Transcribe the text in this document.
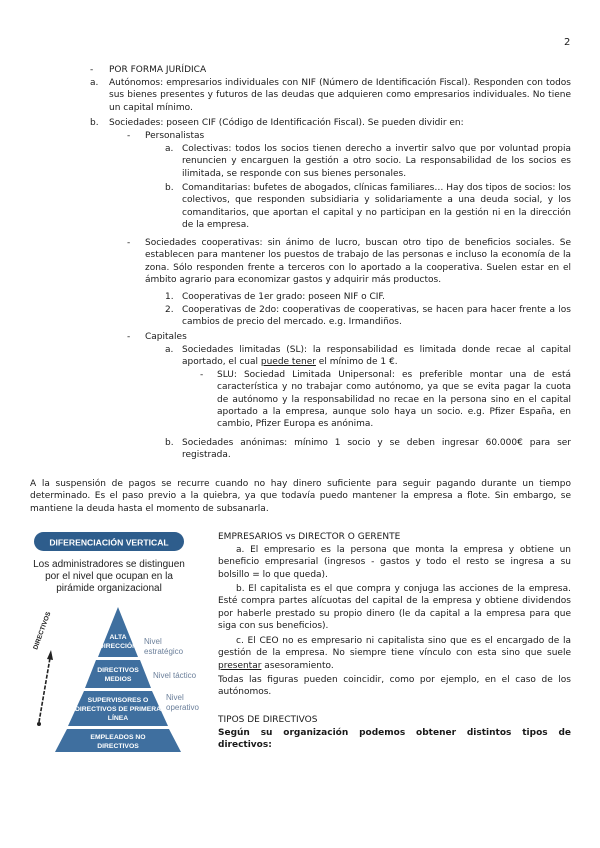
2
- POR FORMA JURÍDICA
a. Autónomos: empresarios individuales con NIF (Número de Identificación Fiscal). Responden con todos sus bienes presentes y futuros de las deudas que adquieren como empresarios individuales. No tiene un capital mínimo.
b. Sociedades: poseen CIF (Código de Identificación Fiscal). Se pueden dividir en:
- Personalistas
a. Colectivas: todos los socios tienen derecho a invertir salvo que por voluntad propia renuncien y encarguen la gestión a otro socio. La responsabilidad de los socios es ilimitada, se responde con sus bienes personales.
b. Comanditarias: bufetes de abogados, clínicas familiares… Hay dos tipos de socios: los colectivos, que responden subsidiaria y solidariamente a una deuda social, y los comanditarios, que aportan el capital y no participan en la gestión ni en la dirección de la empresa.
- Sociedades cooperativas: sin ánimo de lucro, buscan otro tipo de beneficios sociales. Se establecen para mantener los puestos de trabajo de las personas e incluso la economía de la zona. Sólo responden frente a terceros con lo aportado a la cooperativa. Suelen estar en el ámbito agrario para economizar gastos y adquirir más productos.
1. Cooperativas de 1er grado: poseen NIF o CIF.
2. Cooperativas de 2do: cooperativas de cooperativas, se hacen para hacer frente a los cambios de precio del mercado. e.g. Irmandiños.
- Capitales
a. Sociedades limitadas (SL): la responsabilidad es limitada donde recae al capital aportado, el cual puede tener el mínimo de 1 €.
- SLU: Sociedad Limitada Unipersonal: es preferible montar una de está característica y no trabajar como autónomo, ya que se evita pagar la cuota de autónomo y la responsabilidad no recae en la persona sino en el capital aportado a la empresa, aunque solo haya un socio. e.g. Pfizer España, en cambio, Pfizer Europa es anónima.
b. Sociedades anónimas: mínimo 1 socio y se deben ingresar 60.000€ para ser registrada.
A la suspensión de pagos se recurre cuando no hay dinero suficiente para seguir pagando durante un tiempo determinado. Es el paso previo a la quiebra, ya que todavía puedo mantener la empresa a flote. Sin embargo, se mantiene la deuda hasta el momento de subsanarla.
DIFERENCIACIÓN VERTICAL
Los administradores se distinguen
por el nivel que ocupan en la
pirámide organizacional
ALTA
DIRECCIÓN
DIRECTIVOS
MEDIOS
SUPERVISORES O
DIRECTIVOS DE PRIMERA
LÍNEA
EMPLEADOS NO
DIRECTIVOS
Nivel
estratégico
Nivel táctico
Nivel
operativo
DIRECTIVOS
EMPRESARIOS vs DIRECTOR O GERENTE
a. El empresario es la persona que monta la empresa y obtiene un beneficio empresarial (ingresos - gastos y todo el resto se ingresa a su bolsillo = lo que queda).
b. El capitalista es el que compra y conjuga las acciones de la empresa. Esté compra partes alícuotas del capital de la empresa y obtiene dividendos por haberle prestado su propio dinero (le da capital a la empresa para que siga con sus beneficios).
c. El CEO no es empresario ni capitalista sino que es el encargado de la gestión de la empresa. No siempre tiene vínculo con esta sino que suele presentar asesoramiento.
Todas las figuras pueden coincidir, como por ejemplo, en el caso de los autónomos.
TIPOS DE DIRECTIVOS
Según su organización podemos obtener distintos tipos de directivos:
